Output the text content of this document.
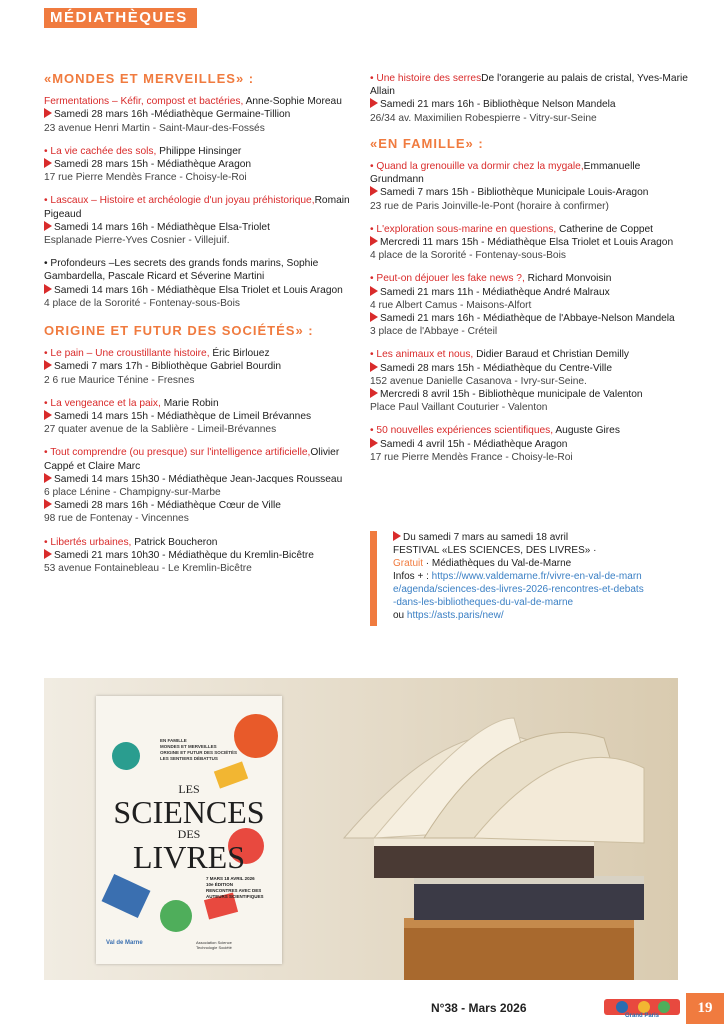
MÉDIATHÈQUES
«MONDES ET MERVEILLES» :
Fermentations – Kéfir, compost et bactéries, Anne-Sophie Moreau
Samedi 28 mars 16h -Médiathèque Germaine-Tillion
23 avenue Henri Martin - Saint-Maur-des-Fossés
• La vie cachée des sols, Philippe Hinsinger
Samedi 28 mars 15h - Médiathèque Aragon
17 rue Pierre Mendès France - Choisy-le-Roi
• Lascaux – Histoire et archéologie d'un joyau préhistorique,Romain Pigeaud
Samedi 14 mars 16h - Médiathèque Elsa-Triolet
Esplanade Pierre-Yves Cosnier - Villejuif.
• Profondeurs –Les secrets des grands fonds marins, Sophie Gambardella, Pascale Ricard et Séverine Martini
Samedi 14 mars 16h - Médiathèque Elsa Triolet et Louis Aragon
4 place de la Sororité - Fontenay-sous-Bois
ORIGINE ET FUTUR DES SOCIÉTÉS» :
• Le pain – Une croustillante histoire, Éric Birlouez
Samedi 7 mars 17h - Bibliothèque Gabriel Bourdin
2 6 rue Maurice Ténine - Fresnes
• La vengeance et la paix, Marie Robin
Samedi 14 mars 15h - Médiathèque de Limeil Brévannes
27 quater avenue de la Sablière - Limeil-Brévannes
• Tout comprendre (ou presque) sur l'intelligence artificielle,Olivier Cappé et Claire Marc
Samedi 14 mars 15h30 - Médiathèque Jean-Jacques Rousseau
6 place Lénine - Champigny-sur-Marbe
Samedi 28 mars 16h - Médiathèque Cœur de Ville
98 rue de Fontenay - Vincennes
• Libertés urbaines, Patrick Boucheron
Samedi 21 mars 10h30 - Médiathèque du Kremlin-Bicêtre
53 avenue Fontainebleau - Le Kremlin-Bicêtre
• Une histoire des serresDe l'orangerie au palais de cristal, Yves-Marie Allain
Samedi 21 mars 16h - Bibliothèque Nelson Mandela
26/34 av. Maximilien Robespierre - Vitry-sur-Seine
«EN FAMILLE» :
• Quand la grenouille va dormir chez la mygale,Emmanuelle Grundmann
Samedi 7 mars 15h - Bibliothèque Municipale Louis-Aragon
23 rue de Paris Joinville-le-Pont (horaire à confirmer)
• L'exploration sous-marine en questions, Catherine de Coppet
Mercredi 11 mars 15h - Médiathèque Elsa Triolet et Louis Aragon
4 place de la Sororité - Fontenay-sous-Bois
• Peut-on déjouer les fake news ?, Richard Monvoisin
Samedi 21 mars 11h - Médiathèque André Malraux
4 rue Albert Camus - Maisons-Alfort
Samedi 21 mars 16h - Médiathèque de l'Abbaye-Nelson Mandela
3 place de l'Abbaye - Créteil
• Les animaux et nous, Didier Baraud et Christian Demilly
Samedi 28 mars 15h - Médiathèque du Centre-Ville
152 avenue Danielle Casanova - Ivry-sur-Seine.
Mercredi 8 avril 15h - Bibliothèque municipale de Valenton
Place Paul Vaillant Couturier - Valenton
• 50 nouvelles expériences scientifiques, Auguste Gires
Samedi 4 avril 15h - Médiathèque Aragon
17 rue Pierre Mendès France - Choisy-le-Roi
Du samedi 7 mars au samedi 18 avril
FESTIVAL «LES SCIENCES, DES LIVRES» ·
Gratuit · Médiathèques du Val-de-Marne
Infos + : https://www.valdemarne.fr/vivre-en-val-de-marne/agenda/sciences-des-livres-2026-rencontres-et-debats-dans-les-bibliotheques-du-val-de-marne
ou https://asts.paris/new/
EN FAMILLE
MONDES ET MERVEILLES
ORIGINE ET FUTUR DES SOCIÉTÉS
LES SENTIERS DÉBATTUS
LES
SCIENCES
DES
LIVRES
7 MARS 18 AVRIL 2026
10e ÉDITION
RENCONTRES AVEC DES AUTEURS SCIENTIFIQUES
Val de Marne	Association Science Technologie Société
N°38 - Mars 2026
Grand Paris	19
